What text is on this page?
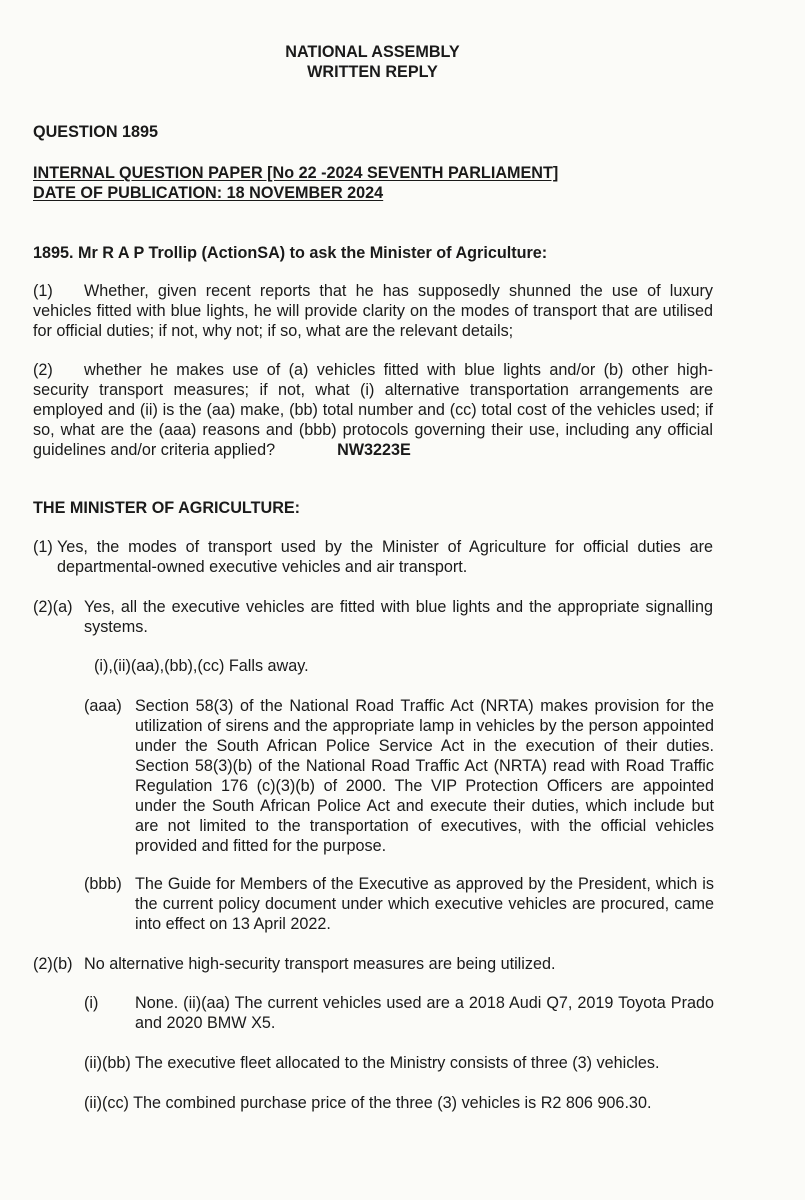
NATIONAL ASSEMBLY
WRITTEN REPLY
QUESTION 1895
INTERNAL QUESTION PAPER [No 22 -2024 SEVENTH PARLIAMENT]
DATE OF PUBLICATION: 18 NOVEMBER 2024
1895. Mr R A P Trollip (ActionSA) to ask the Minister of Agriculture:
(1) Whether, given recent reports that he has supposedly shunned the use of luxury vehicles fitted with blue lights, he will provide clarity on the modes of transport that are utilised for official duties; if not, why not; if so, what are the relevant details;
(2) whether he makes use of (a) vehicles fitted with blue lights and/or (b) other high-security transport measures; if not, what (i) alternative transportation arrangements are employed and (ii) is the (aa) make, (bb) total number and (cc) total cost of the vehicles used; if so, what are the (aaa) reasons and (bbb) protocols governing their use, including any official guidelines and/or criteria applied?	NW3223E
THE MINISTER OF AGRICULTURE:
(1) Yes, the modes of transport used by the Minister of Agriculture for official duties are departmental-owned executive vehicles and air transport.

(2)(a) Yes, all the executive vehicles are fitted with blue lights and the appropriate signalling systems.

(i),(ii)(aa),(bb),(cc) Falls away.
(aaa) Section 58(3) of the National Road Traffic Act (NRTA) makes provision for the utilization of sirens and the appropriate lamp in vehicles by the person appointed under the South African Police Service Act in the execution of their duties. Section 58(3)(b) of the National Road Traffic Act (NRTA) read with Road Traffic Regulation 176 (c)(3)(b) of 2000. The VIP Protection Officers are appointed under the South African Police Act and execute their duties, which include but are not limited to the transportation of executives, with the official vehicles provided and fitted for the purpose.

(bbb) The Guide for Members of the Executive as approved by the President, which is the current policy document under which executive vehicles are procured, came into effect on 13 April 2022.

(2)(b) No alternative high-security transport measures are being utilized.

(i) None. (ii)(aa) The current vehicles used are a 2018 Audi Q7, 2019 Toyota Prado and 2020 BMW X5.

(ii)(bb) The executive fleet allocated to the Ministry consists of three (3) vehicles.
(ii)(cc) The combined purchase price of the three (3) vehicles is R2 806 906.30.
